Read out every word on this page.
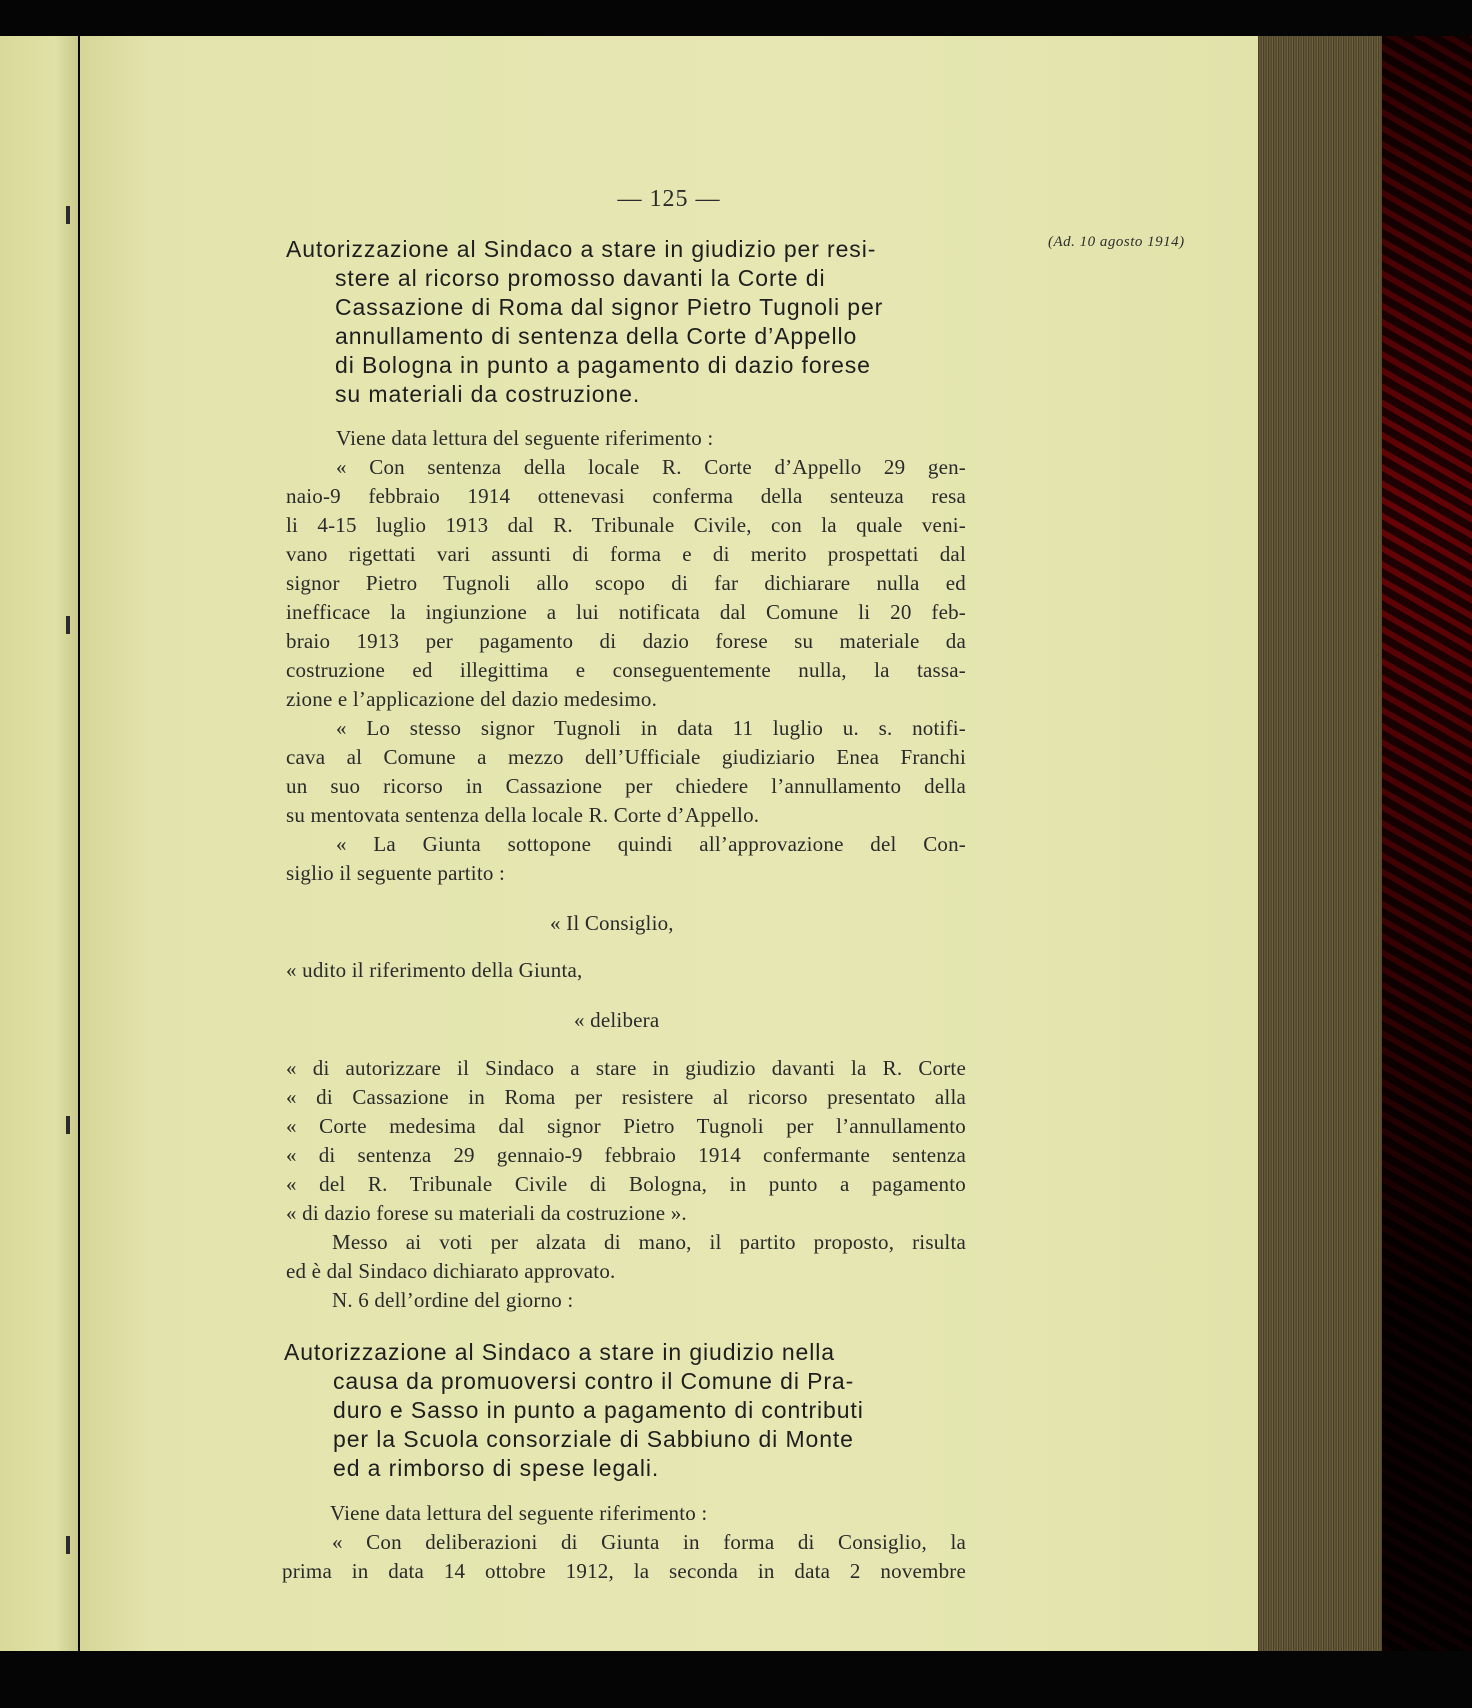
— 125 —
(Ad. 10 agosto 1914)
Autorizzazione al Sindaco a stare in giudizio per resi-
stere al ricorso promosso davanti la Corte di
Cassazione di Roma dal signor Pietro Tugnoli per
annullamento di sentenza della Corte d’Appello
di Bologna in punto a pagamento di dazio forese
su materiali da costruzione.
Viene data lettura del seguente riferimento :
« Con sentenza della locale R. Corte d’Appello 29 gen-
naio-9 febbraio 1914 ottenevasi conferma della senteuza resa
li 4-15 luglio 1913 dal R. Tribunale Civile, con la quale veni-
vano rigettati vari assunti di forma e di merito prospettati dal
signor Pietro Tugnoli allo scopo di far dichiarare nulla ed
inefficace la ingiunzione a lui notificata dal Comune li 20 feb-
braio 1913 per pagamento di dazio forese su materiale da
costruzione ed illegittima e conseguentemente nulla, la tassa-
zione e l’applicazione del dazio medesimo.
« Lo stesso signor Tugnoli in data 11 luglio u. s. notifi-
cava al Comune a mezzo dell’Ufficiale giudiziario Enea Franchi
un suo ricorso in Cassazione per chiedere l’annullamento della
su mentovata sentenza della locale R. Corte d’Appello.
« La Giunta sottopone quindi all’approvazione del Con-
siglio il seguente partito :
« Il Consiglio,
« udito il riferimento della Giunta,
« delibera
« di autorizzare il Sindaco a stare in giudizio davanti la R. Corte
« di Cassazione in Roma per resistere al ricorso presentato alla
« Corte medesima dal signor Pietro Tugnoli per l’annullamento
« di sentenza 29 gennaio-9 febbraio 1914 confermante sentenza
« del R. Tribunale Civile di Bologna, in punto a pagamento
« di dazio forese su materiali da costruzione ».
Messo ai voti per alzata di mano, il partito proposto, risulta
ed è dal Sindaco dichiarato approvato.
N. 6 dell’ordine del giorno :
Autorizzazione al Sindaco a stare in giudizio nella
causa da promuoversi contro il Comune di Pra-
duro e Sasso in punto a pagamento di contributi
per la Scuola consorziale di Sabbiuno di Monte
ed a rimborso di spese legali.
Viene data lettura del seguente riferimento :
« Con deliberazioni di Giunta in forma di Consiglio, la
prima in data 14 ottobre 1912, la seconda in data 2 novembre
